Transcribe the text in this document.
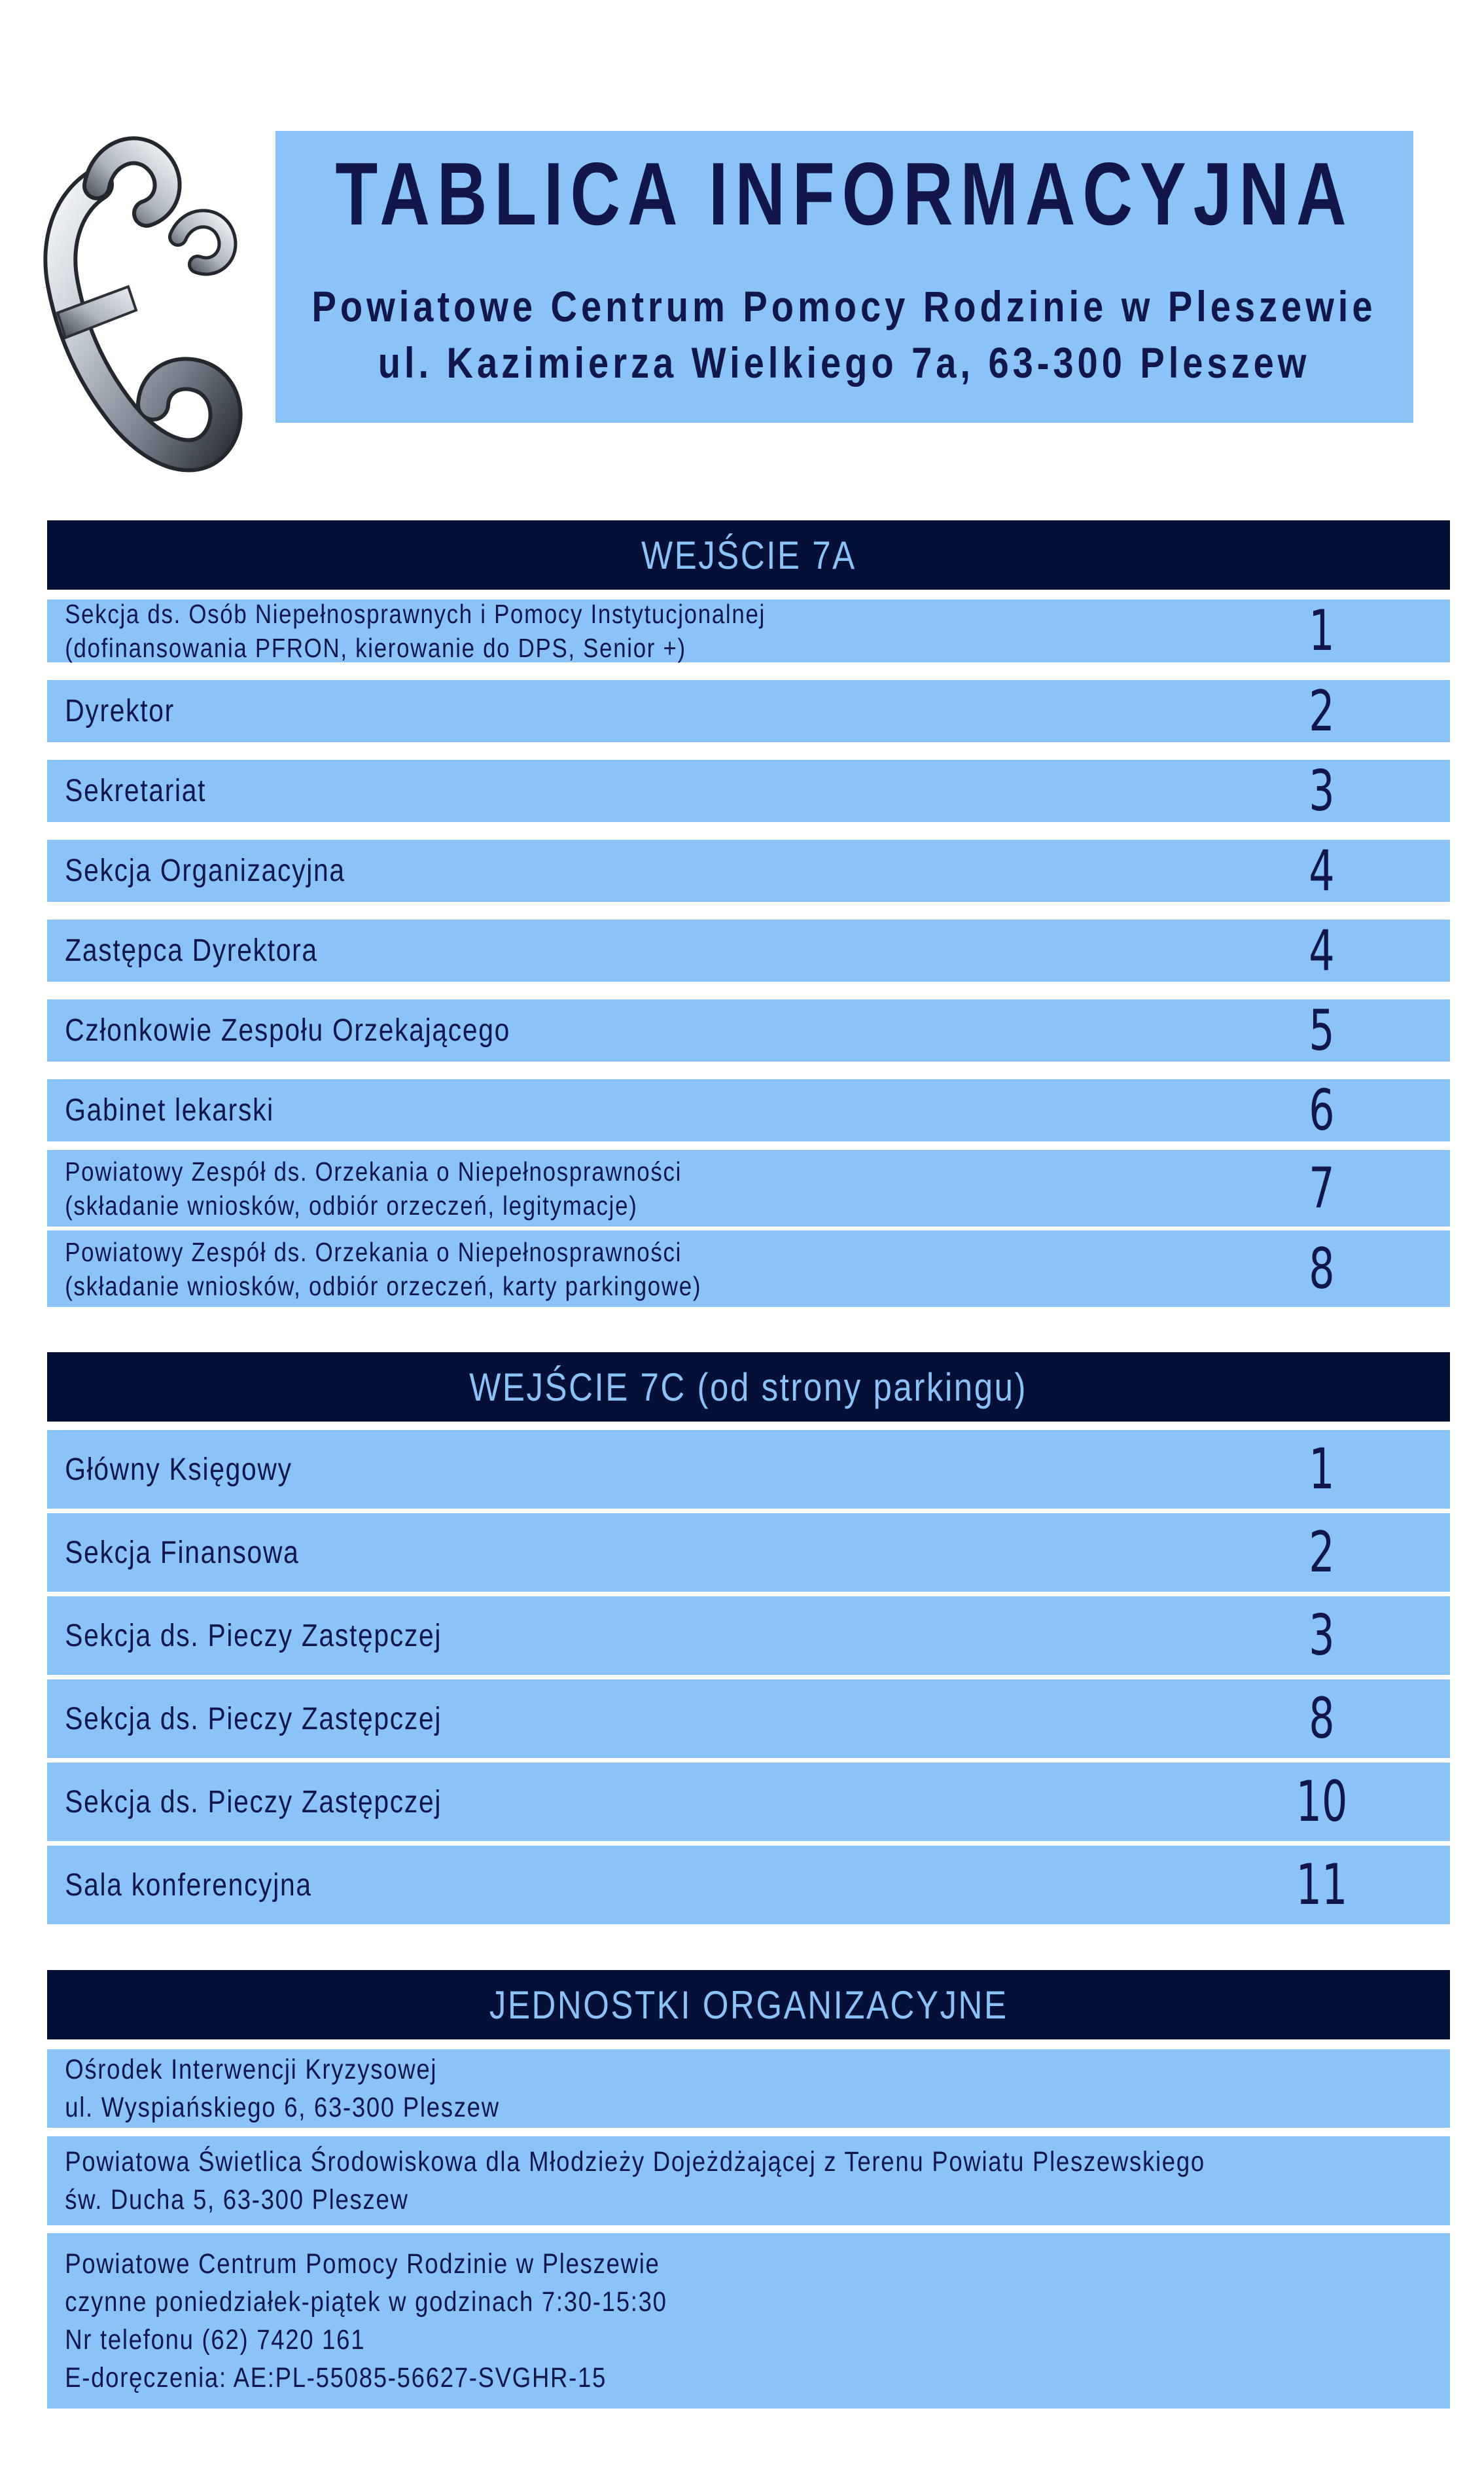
TABLICA INFORMACYJNA
Powiatowe Centrum Pomocy Rodzinie w Pleszewie
ul. Kazimierza Wielkiego 7a, 63-300 Pleszew
WEJŚCIE 7A
Sekcja ds. Osób Niepełnosprawnych i Pomocy Instytucjonalnej
(dofinansowania PFRON, kierowanie do DPS, Senior +)	1
Dyrektor	2
Sekretariat	3
Sekcja Organizacyjna	4
Zastępca Dyrektora	4
Członkowie Zespołu Orzekającego	5
Gabinet lekarski	6
Powiatowy Zespół ds. Orzekania o Niepełnosprawności
(składanie wniosków, odbiór orzeczeń, legitymacje)	7
Powiatowy Zespół ds. Orzekania o Niepełnosprawności
(składanie wniosków, odbiór orzeczeń, karty parkingowe)	8
WEJŚCIE 7C (od strony parkingu)
Główny Księgowy	1
Sekcja Finansowa	2
Sekcja ds. Pieczy Zastępczej	3
Sekcja ds. Pieczy Zastępczej	8
Sekcja ds. Pieczy Zastępczej	10
Sala konferencyjna	11
JEDNOSTKI ORGANIZACYJNE
Ośrodek Interwencji Kryzysowej
ul. Wyspiańskiego 6, 63-300 Pleszew
Powiatowa Świetlica Środowiskowa dla Młodzieży Dojeżdżającej z Terenu Powiatu Pleszewskiego
św. Ducha 5, 63-300 Pleszew
Powiatowe Centrum Pomocy Rodzinie w Pleszewie
czynne poniedziałek-piątek w godzinach 7:30-15:30
Nr telefonu (62) 7420 161
E-doręczenia: AE:PL-55085-56627-SVGHR-15
